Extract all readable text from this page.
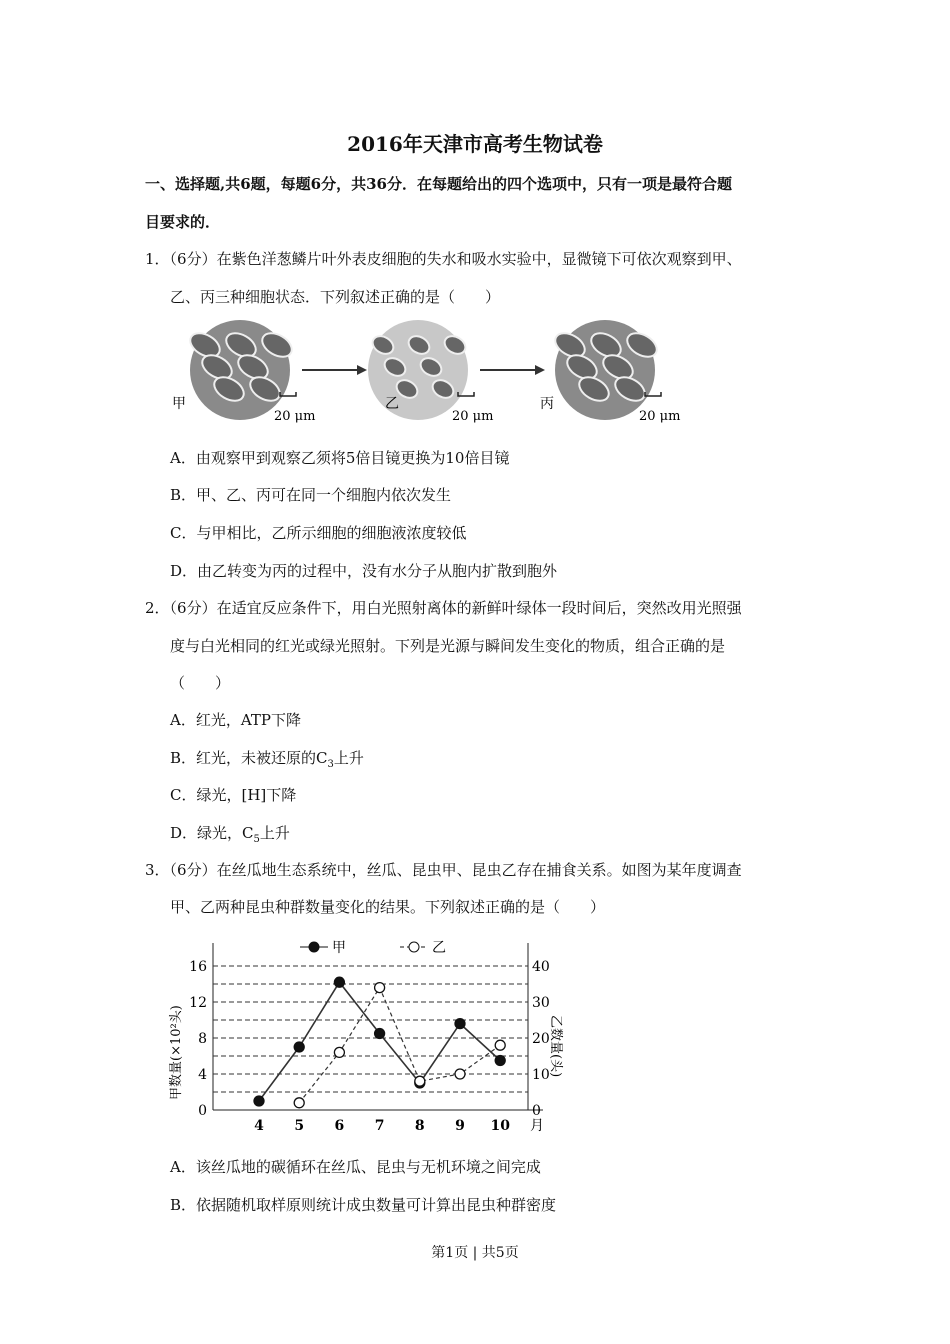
2016年天津市高考生物试卷
一、选择题,共6题，每题6分，共36分．在每题给出的四个选项中，只有一项是最符合题
目要求的．
1．（6分）在紫色洋葱鳞片叶外表皮细胞的失水和吸水实验中，显微镜下可依次观察到甲、
乙、丙三种细胞状态．下列叙述正确的是（　　）
甲
20 μm
乙
20 μm
丙
20 μm
A．由观察甲到观察乙须将5倍目镜更换为10倍目镜
B．甲、乙、丙可在同一个细胞内依次发生
C．与甲相比，乙所示细胞的细胞液浓度较低
D．由乙转变为丙的过程中，没有水分子从胞内扩散到胞外
2．（6分）在适宜反应条件下，用白光照射离体的新鲜叶绿体一段时间后，突然改用光照强
度与白光相同的红光或绿光照射。下列是光源与瞬间发生变化的物质，组合正确的是
（　　）
A．红光，ATP下降
B．红光，未被还原的$C_3$上升
C．绿光，[H]下降
D．绿光，$C_5$上升
3．（6分）在丝瓜地生态系统中，丝瓜、昆虫甲、昆虫乙存在捕食关系。如图为某年度调查
甲、乙两种昆虫种群数量变化的结果。下列叙述正确的是（　　）
0
4
8
12
16
0
10
20
30
40
4 5 6 7 8 9 10 月
甲数量(×10²头)	乙数量(头)
甲	乙
A．该丝瓜地的碳循环在丝瓜、昆虫与无机环境之间完成
B．依据随机取样原则统计成虫数量可计算出昆虫种群密度
第1页 | 共5页
